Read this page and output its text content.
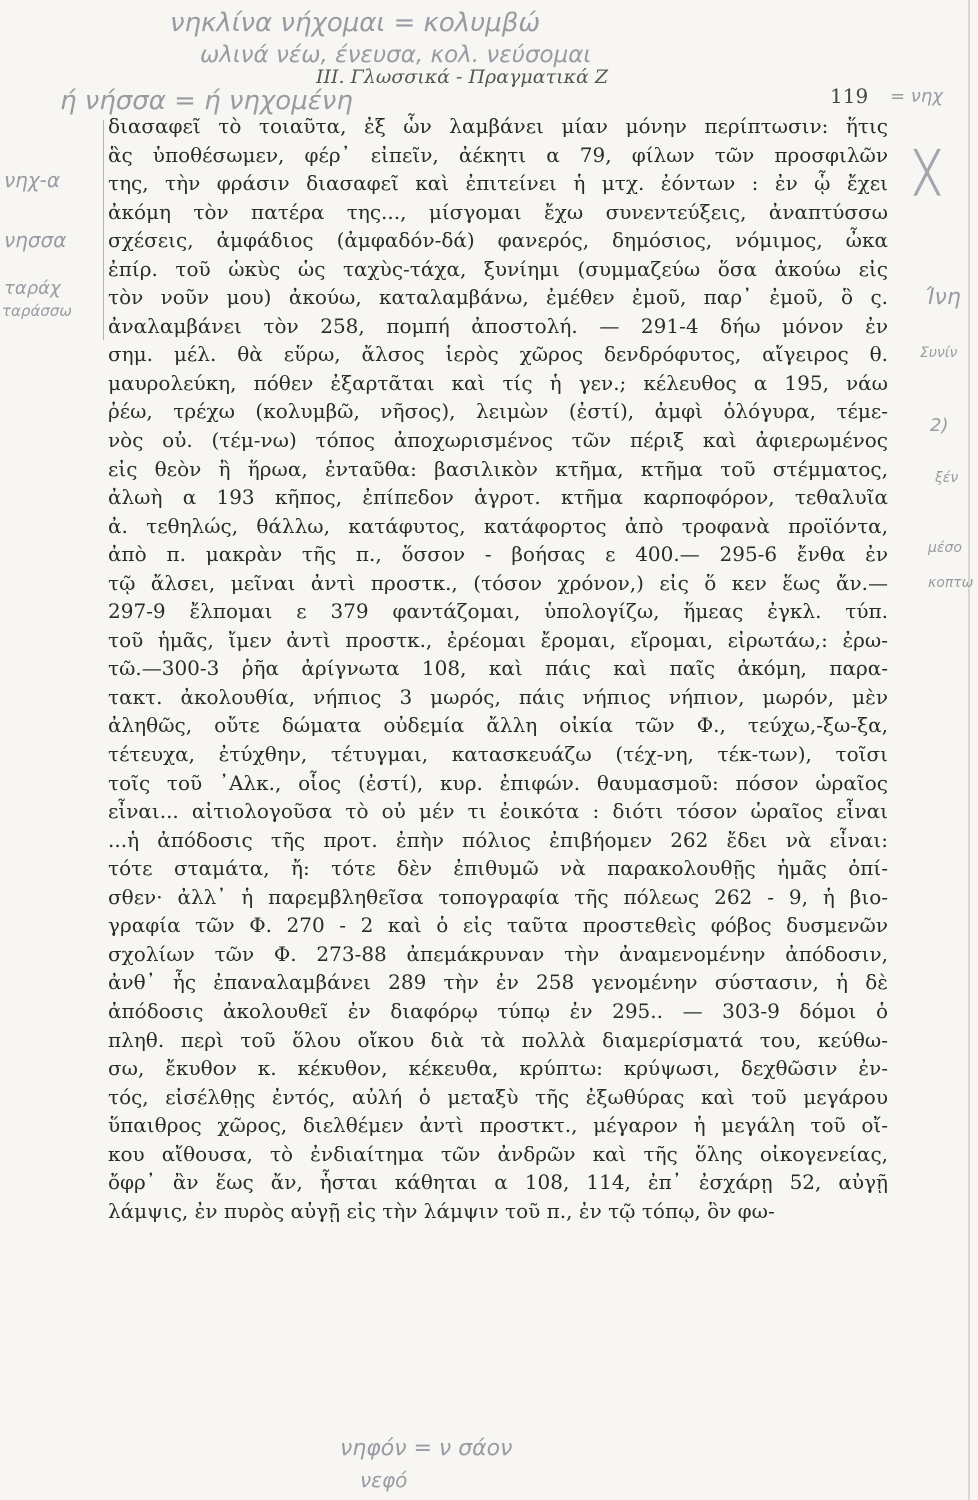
νηκλίνα νήχομαι = κολυμβώ
ωλινά νέω, ένευσα, κολ. νεύσομαι
ή νήσσα = ή νηχομένη	= νηχ
III. Γλωσσικά - Πραγματικά Ζ
119
νηχ-α
νησσα
ταράχ
ταράσσω
╳
Ίνη
Συνίν
2)
ξέν
μέσο
κοπτω
διασαφεῖ τὸ τοιαῦτα, ἐξ ὧν λαμβάνει μίαν μόνην περίπτωσιν: ἥτις
ἃς ὑποθέσωμεν, φέρ᾽ εἰπεῖν, ἀέκητι α 79, φίλων τῶν προσφιλῶν
της, τὴν φράσιν διασαφεῖ καὶ ἐπιτείνει ἡ μτχ. ἐόντων : ἐν ᾧ ἔχει
ἀκόμη τὸν πατέρα της..., μίσγομαι ἔχω συνεντεύξεις, ἀναπτύσσω
σχέσεις, ἀμφάδιος (ἀμφαδόν-δά) φανερός, δημόσιος, νόμιμος, ὦκα
ἐπίρ. τοῦ ὠκὺς ὡς ταχὺς-τάχα, ξυνίημι (συμμαζεύω ὅσα ἀκούω εἰς
τὸν νοῦν μου) ἀκούω, καταλαμβάνω, ἐμέθεν ἐμοῦ, παρ᾽ ἐμοῦ, ὃ ς.
ἀναλαμβάνει τὸν 258, πομπή ἀποστολή. — 291-4 δήω μόνον ἐν
σημ. μέλ. θὰ εὕρω, ἄλσος ἱερὸς χῶρος δενδρόφυτος, αἴγειρος θ.
μαυρολεύκη, πόθεν ἐξαρτᾶται καὶ τίς ἡ γεν.; κέλευθος α 195, νάω
ῥέω, τρέχω (κολυμβῶ, νῆσος), λειμὼν (ἐστί), ἀμφὶ ὁλόγυρα, τέμε-
νὸς οὐ. (τέμ-νω) τόπος ἀποχωρισμένος τῶν πέριξ καὶ ἀφιερωμένος
εἰς θεὸν ἢ ἥρωα, ἐνταῦθα: βασιλικὸν κτῆμα, κτῆμα τοῦ στέμματος,
ἀλωὴ α 193 κῆπος, ἐπίπεδον ἀγροτ. κτῆμα καρποφόρον, τεθαλυῖα
ἀ. τεθηλώς, θάλλω, κατάφυτος, κατάφορτος ἀπὸ τροφανὰ προϊόντα,
ἀπὸ π. μακρὰν τῆς π., ὅσσον - βοήσας ε 400.— 295-6 ἔνθα ἐν
τῷ ἄλσει, μεῖναι ἀντὶ προστκ., (τόσον χρόνον,) εἰς ὅ κεν ἕως ἄν.—
297-9 ἔλπομαι ε 379 φαντάζομαι, ὑπολογίζω, ἥμεας ἐγκλ. τύπ.
τοῦ ἡμᾶς, ἴμεν ἀντὶ προστκ., ἐρέομαι ἔρομαι, εἴρομαι, εἰρωτάω,: ἐρω-
τῶ.—300-3 ῥῆα ἀρίγνωτα 108, καὶ πάις καὶ παῖς ἀκόμη, παρα-
τακτ. ἀκολουθία, νήπιος 3 μωρός, πάις νήπιος νήπιον, μωρόν, μὲν
ἀληθῶς, οὔτε δώματα οὐδεμία ἄλλη οἰκία τῶν Φ., τεύχω,-ξω-ξα,
τέτευχα, ἐτύχθην, τέτυγμαι, κατασκευάζω (τέχ-νη, τέκ-των), τοῖσι
τοῖς τοῦ ᾿Αλκ., οἷος (ἐστί), κυρ. ἐπιφών. θαυμασμοῦ: πόσον ὡραῖος
εἶναι... αἰτιολογοῦσα τὸ οὐ μέν τι ἐοικότα : διότι τόσον ὡραῖος εἶναι
...ἡ ἀπόδοσις τῆς προτ. ἐπὴν πόλιος ἐπιβήομεν 262 ἔδει νὰ εἶναι:
τότε σταμάτα, ἤ: τότε δὲν ἐπιθυμῶ νὰ παρακολουθῇς ἡμᾶς ὀπί-
σθεν· ἀλλ᾽ ἡ παρεμβληθεῖσα τοπογραφία τῆς πόλεως 262 - 9, ἡ βιο-
γραφία τῶν Φ. 270 - 2 καὶ ὁ εἰς ταῦτα προστεθεὶς φόβος δυσμενῶν
σχολίων τῶν Φ. 273-88 ἀπεμάκρυναν τὴν ἀναμενομένην ἀπόδοσιν,
ἀνθ᾽ ἧς ἐπαναλαμβάνει 289 τὴν ἐν 258 γενομένην σύστασιν, ἡ δὲ
ἀπόδοσις ἀκολουθεῖ ἐν διαφόρῳ τύπῳ ἐν 295.. — 303-9 δόμοι ὁ
πληθ. περὶ τοῦ ὅλου οἴκου διὰ τὰ πολλὰ διαμερίσματά του, κεύθω-
σω, ἔκυθον κ. κέκυθον, κέκευθα, κρύπτω: κρύψωσι, δεχθῶσιν ἐν-
τός, εἰσέλθῃς ἐντός, αὐλή ὁ μεταξὺ τῆς ἐξωθύρας καὶ τοῦ μεγάρου
ὕπαιθρος χῶρος, διελθέμεν ἀντὶ προστκτ., μέγαρον ἡ μεγάλη τοῦ οἴ-
κου αἴθουσα, τὸ ἐνδιαίτημα τῶν ἀνδρῶν καὶ τῆς ὅλης οἰκογενείας,
ὄφρ᾽ ἂν ἕως ἄν, ἧσται κάθηται α 108, 114, ἐπ᾽ ἐσχάρῃ 52, αὐγῇ
λάμψις, ἐν πυρὸς αὐγῇ εἰς τὴν λάμψιν τοῦ π., ἐν τῷ τόπῳ, ὃν φω-
νηφόν = ν σάον
νεφό
